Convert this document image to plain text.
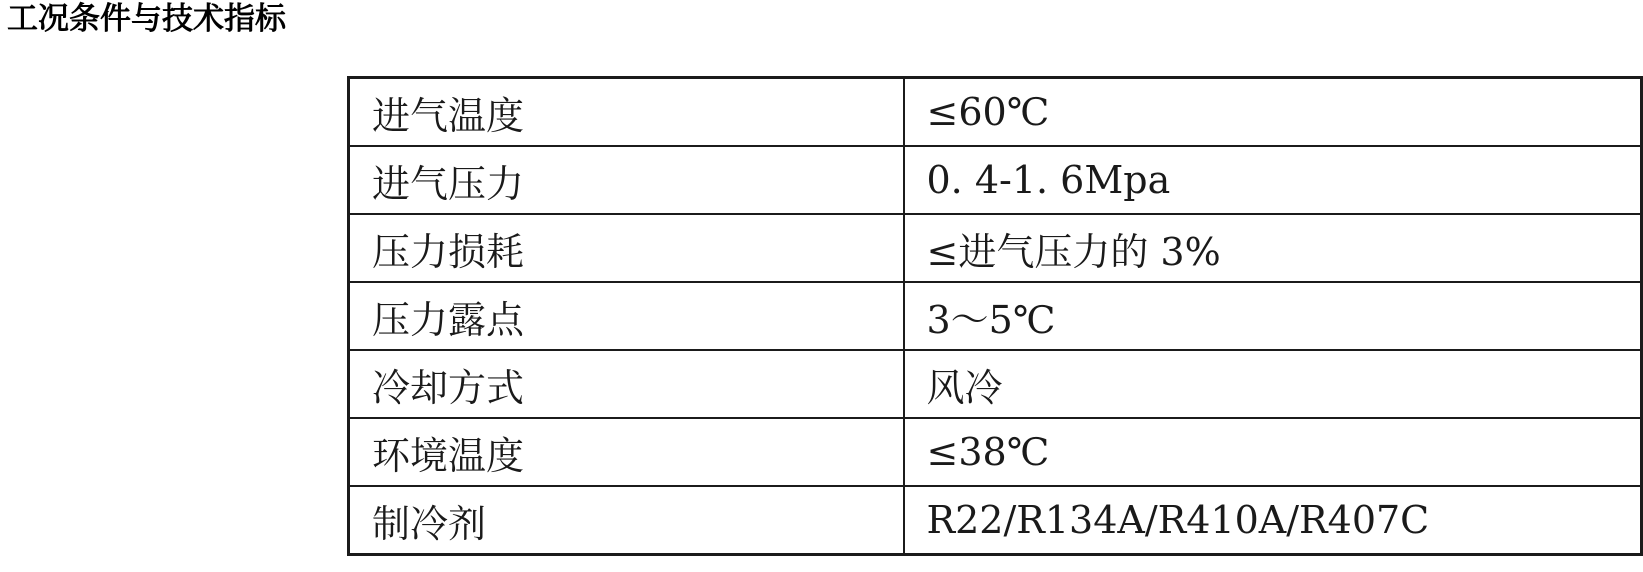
工况条件与技术指标
进气温度	≤60℃
进气压力	0. 4-1. 6Mpa
压力损耗	≤进气压力的 3%
压力露点	3～5℃
冷却方式	风冷
环境温度	≤38℃
制冷剂	R22/R134A/R410A/R407C
